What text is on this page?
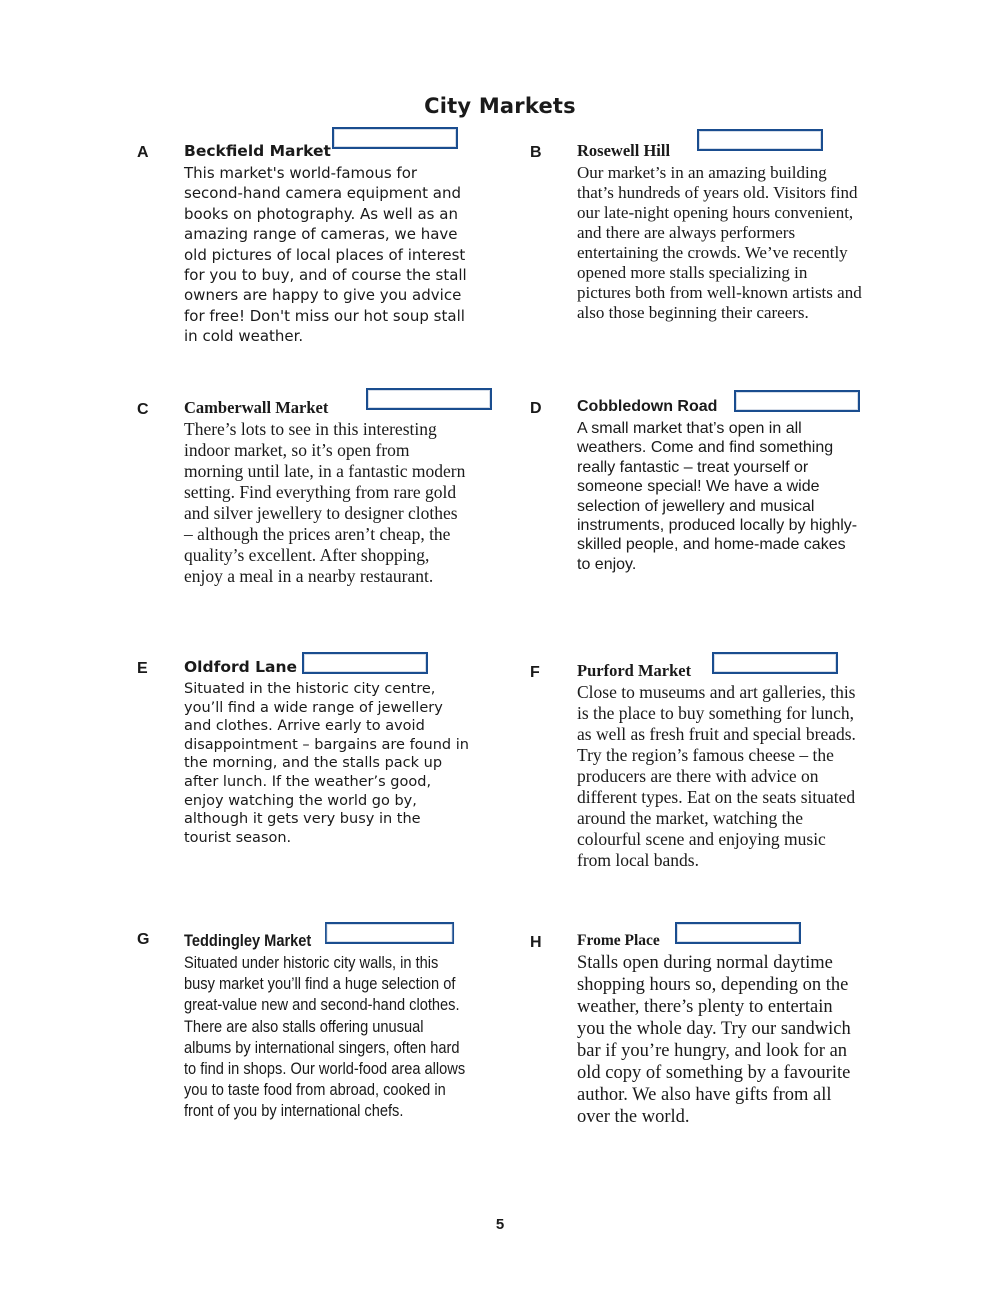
City Markets
A Beckfield Market

This market's world-famous for second-hand camera equipment and books on photography. As well as an amazing range of cameras, we have old pictures of local places of interest for you to buy, and of course the stall owners are happy to give you advice for free! Don't miss our hot soup stall in cold weather.

B Rosewell Hill

Our market’s in an amazing building that’s hundreds of years old. Visitors find our late-night opening hours convenient, and there are always performers entertaining the crowds. We’ve recently opened more stalls specializing in pictures both from well-known artists and also those beginning their careers.

C Camberwall Market

There’s lots to see in this interesting indoor market, so it’s open from morning until late, in a fantastic modern setting. Find everything from rare gold and silver jewellery to designer clothes – although the prices aren’t cheap, the quality’s excellent. After shopping, enjoy a meal in a nearby restaurant.

D Cobbledown Road

A small market that’s open in all weathers. Come and find something really fantastic – treat yourself or someone special! We have a wide selection of jewellery and musical instruments, produced locally by highly-skilled people, and home-made cakes to enjoy.

E Oldford Lane

Situated in the historic city centre, you’ll find a wide range of jewellery and clothes. Arrive early to avoid disappointment – bargains are found in the morning, and the stalls pack up after lunch. If the weather’s good, enjoy watching the world go by, although it gets very busy in the tourist season.

F Purford Market

Close to museums and art galleries, this is the place to buy something for lunch, as well as fresh fruit and special breads. Try the region’s famous cheese – the producers are there with advice on different types. Eat on the seats situated around the market, watching the colourful scene and enjoying music from local bands.

G Teddingley Market

Situated under historic city walls, in this busy market you’ll find a huge selection of great-value new and second-hand clothes. There are also stalls offering unusual albums by international singers, often hard to find in shops. Our world-food area allows you to taste food from abroad, cooked in front of you by international chefs.

H Frome Place

Stalls open during normal daytime shopping hours so, depending on the weather, there’s plenty to entertain you the whole day. Try our sandwich bar if you’re hungry, and look for an old copy of something by a favourite author. We also have gifts from all over the world.

5
